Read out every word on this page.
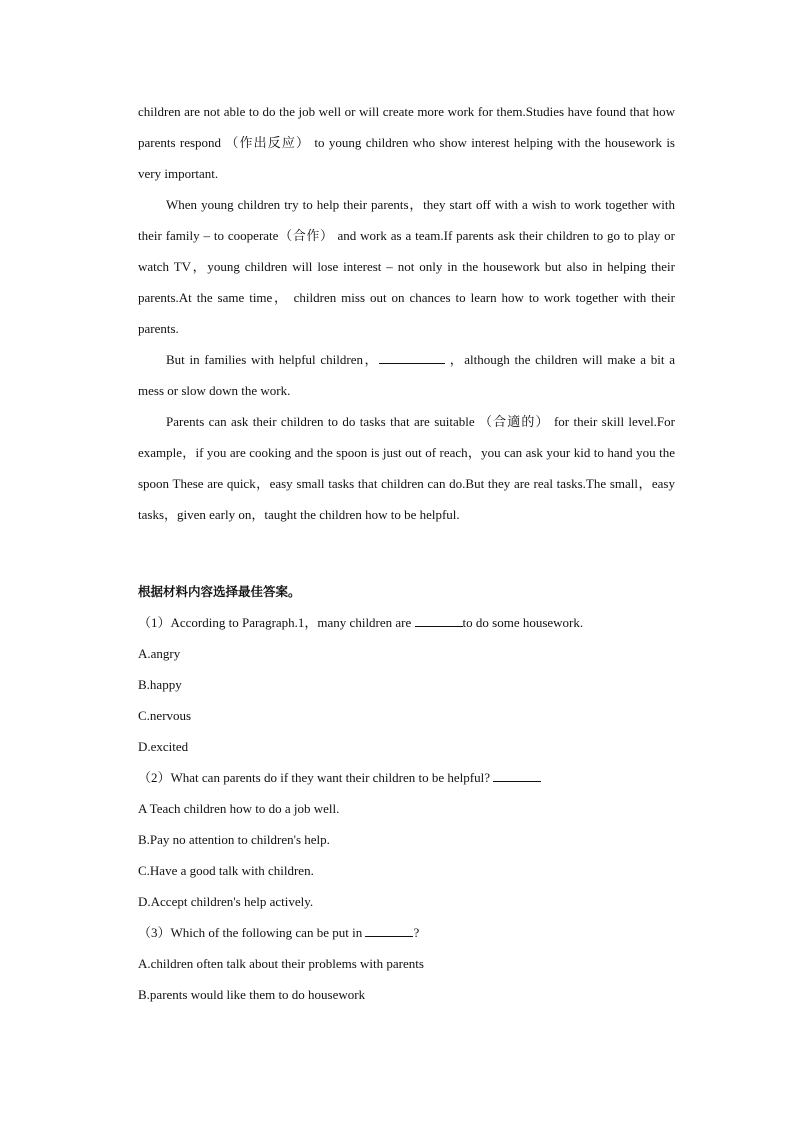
children are not able to do the job well or will create more work for them.Studies have found that how parents respond （作出反应） to young children who show interest helping with the housework is very important.

When young children try to help their parents，they start off with a wish to work together with their family – to cooperate（合作） and work as a team.If parents ask their children to go to play or watch TV，young children will lose interest – not only in the housework but also in helping their parents.At the same time， children miss out on chances to learn how to work together with their parents.

But in families with helpful children，	，although the children will make a bit a mess or slow down the work.

Parents can ask their children to do tasks that are suitable （合適的） for their skill level.For example，if you are cooking and the spoon is just out of reach，you can ask your kid to hand you the spoon These are quick，easy small tasks that children can do.But they are real tasks.The small，easy tasks，given early on，taught the children how to be helpful.

根据材料内容选择最佳答案。

（1）According to Paragraph.1，many children are	to do some housework.

A.angry

B.happy

C.nervous

D.excited

（2）What can parents do if they want their children to be helpful?

A Teach children how to do a job well.

B.Pay no attention to children's help.

C.Have a good talk with children.

D.Accept children's help actively.

（3）Which of the following can be put in	?

A.children often talk about their problems with parents

B.parents would like them to do housework
